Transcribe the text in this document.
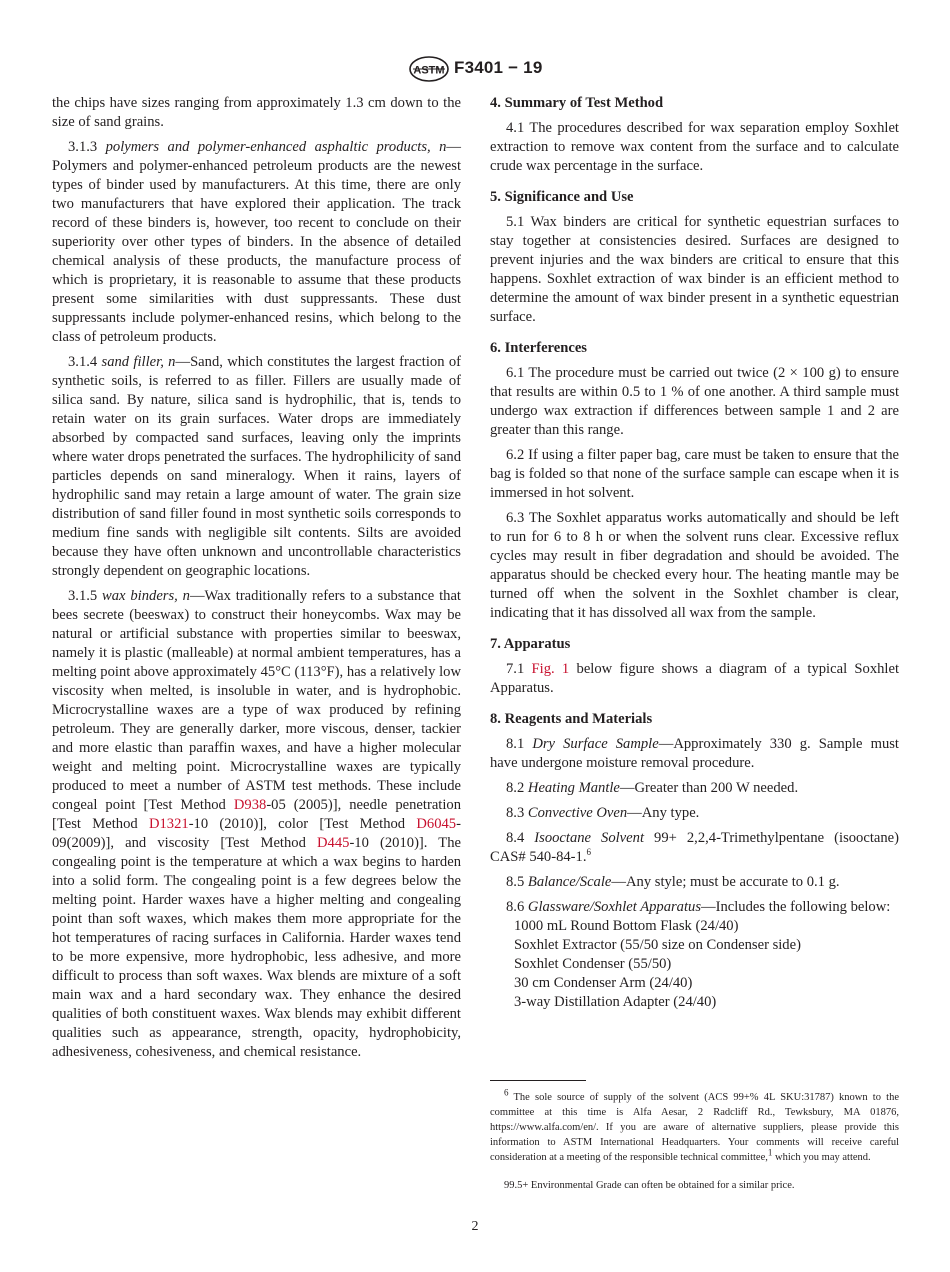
ASTM F3401 − 19

the chips have sizes ranging from approximately 1.3 cm down to the size of sand grains.

3.1.3 polymers and polymer-enhanced asphaltic products, n—Polymers and polymer-enhanced petroleum products are the newest types of binder used by manufacturers. At this time, there are only two manufacturers that have explored their application. The track record of these binders is, however, too recent to conclude on their superiority over other types of binders. In the absence of detailed chemical analysis of these products, the manufacture process of which is proprietary, it is reasonable to assume that these products present some similarities with dust suppressants. These dust suppressants include polymer-enhanced resins, which belong to the class of petroleum products.

3.1.4 sand filler, n—Sand, which constitutes the largest fraction of synthetic soils, is referred to as filler. Fillers are usually made of silica sand. By nature, silica sand is hydrophilic, that is, tends to retain water on its grain surfaces. Water drops are immediately absorbed by compacted sand surfaces, leaving only the imprints where water drops penetrated the surfaces. The hydrophilicity of sand particles depends on sand mineralogy. When it rains, layers of hydrophilic sand may retain a large amount of water. The grain size distribution of sand filler found in most synthetic soils corresponds to medium fine sands with negligible silt contents. Silts are avoided because they have often unknown and uncontrollable characteristics strongly dependent on geographic locations.

3.1.5 wax binders, n—Wax traditionally refers to a substance that bees secrete (beeswax) to construct their honeycombs. Wax may be natural or artificial substance with properties similar to beeswax, namely it is plastic (malleable) at normal ambient temperatures, has a melting point above approximately 45°C (113°F), has a relatively low viscosity when melted, is insoluble in water, and is hydrophobic. Microcrystalline waxes are a type of wax produced by refining petroleum. They are generally darker, more viscous, denser, tackier and more elastic than paraffin waxes, and have a higher molecular weight and melting point. Microcrystalline waxes are typically produced to meet a number of ASTM test methods. These include congeal point [Test Method D938-05 (2005)], needle penetration [Test Method D1321-10 (2010)], color [Test Method D6045-09(2009)], and viscosity [Test Method D445-10 (2010)]. The congealing point is the temperature at which a wax begins to harden into a solid form. The congealing point is a few degrees below the melting point. Harder waxes have a higher melting and congealing point than soft waxes, which makes them more appropriate for the hot temperatures of racing surfaces in California. Harder waxes tend to be more expensive, more hydrophobic, less adhesive, and more difficult to process than soft waxes. Wax blends are mixture of a soft main wax and a hard secondary wax. They enhance the desired qualities of both constituent waxes. Wax blends may exhibit different qualities such as appearance, strength, opacity, hydrophobicity, adhesiveness, cohesiveness, and chemical resistance.

4. Summary of Test Method

4.1 The procedures described for wax separation employ Soxhlet extraction to remove wax content from the surface and to calculate crude wax percentage in the surface.

5. Significance and Use

5.1 Wax binders are critical for synthetic equestrian surfaces to stay together at consistencies desired. Surfaces are designed to prevent injuries and the wax binders are critical to ensure that this happens. Soxhlet extraction of wax binder is an efficient method to determine the amount of wax binder present in a synthetic equestrian surface.

6. Interferences

6.1 The procedure must be carried out twice (2 × 100 g) to ensure that results are within 0.5 to 1 % of one another. A third sample must undergo wax extraction if differences between sample 1 and 2 are greater than this range.

6.2 If using a filter paper bag, care must be taken to ensure that the bag is folded so that none of the surface sample can escape when it is immersed in hot solvent.

6.3 The Soxhlet apparatus works automatically and should be left to run for 6 to 8 h or when the solvent runs clear. Excessive reflux cycles may result in fiber degradation and should be avoided. The apparatus should be checked every hour. The heating mantle may be turned off when the solvent in the Soxhlet chamber is clear, indicating that it has dissolved all wax from the sample.

7. Apparatus

7.1 Fig. 1 below figure shows a diagram of a typical Soxhlet Apparatus.

8. Reagents and Materials

8.1 Dry Surface Sample—Approximately 330 g. Sample must have undergone moisture removal procedure.

8.2 Heating Mantle—Greater than 200 W needed.

8.3 Convective Oven—Any type.

8.4 Isooctane Solvent 99+ 2,2,4-Trimethylpentane (isooctane) CAS# 540-84-1.$^6$

8.5 Balance/Scale—Any style; must be accurate to 0.1 g.

8.6 Glassware/Soxhlet Apparatus—Includes the following below:

1000 mL Round Bottom Flask (24/40)
Soxhlet Extractor (55/50 size on Condenser side)
Soxhlet Condenser (55/50)
30 cm Condenser Arm (24/40)
3-way Distillation Adapter (24/40)
$^6$ The sole source of supply of the solvent (ACS 99+% 4L SKU:31787) known to the committee at this time is Alfa Aesar, 2 Radcliff Rd., Tewksbury, MA 01876, https://www.alfa.com/en/. If you are aware of alternative suppliers, please provide this information to ASTM International Headquarters. Your comments will receive careful consideration at a meeting of the responsible technical committee,$^1$ which you may attend.
99.5+ Environmental Grade can often be obtained for a similar price.
2
